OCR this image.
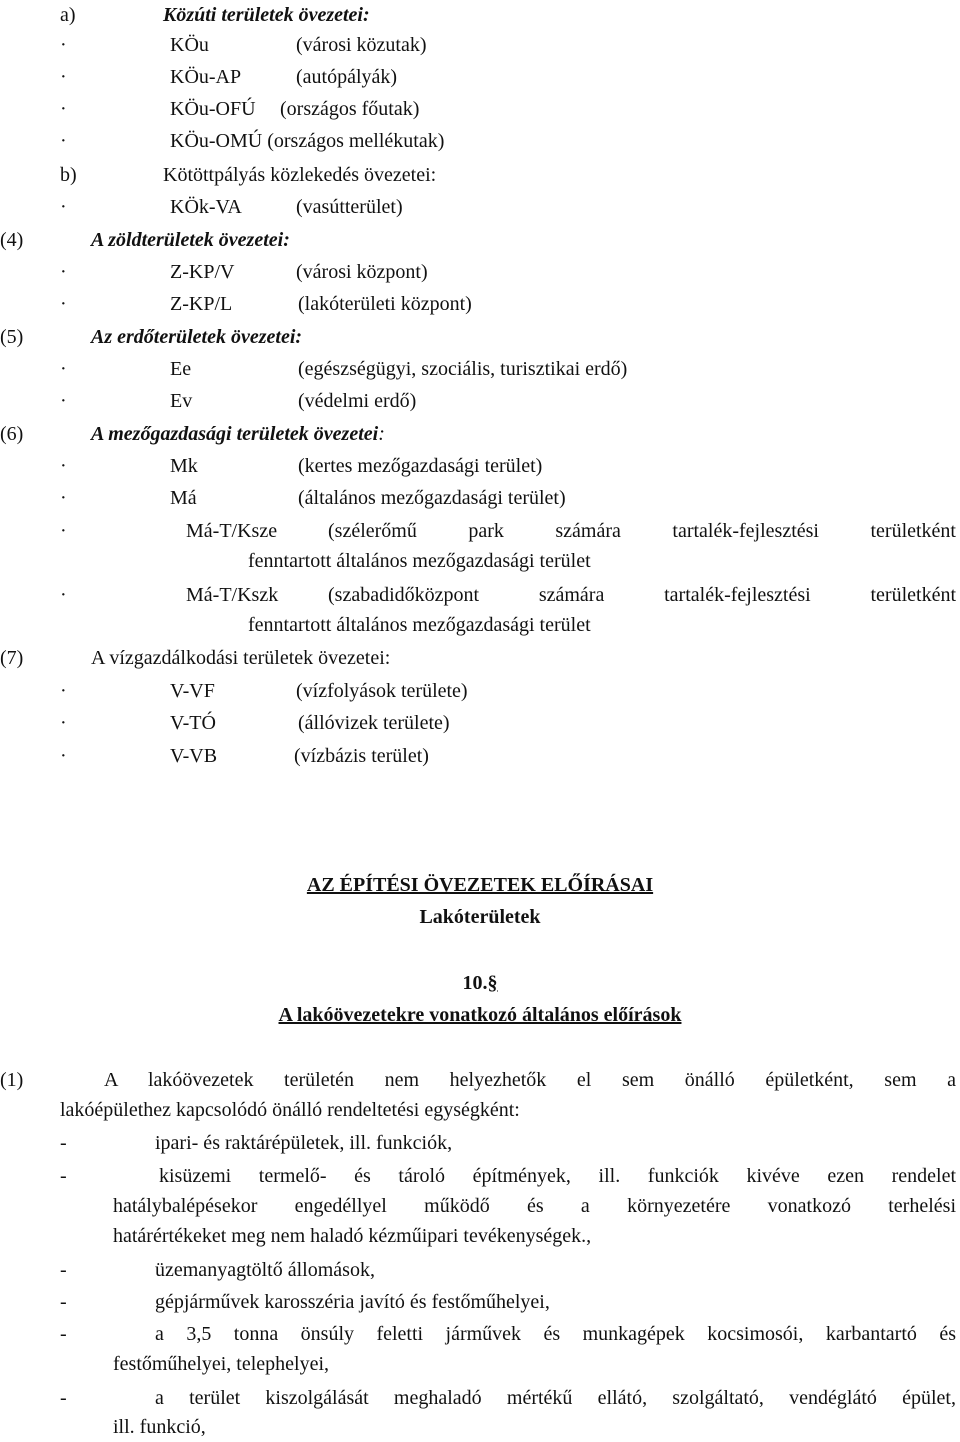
a)	Közúti területek övezetei:
·	KÖu	(városi közutak)
·	KÖu-AP	(autópályák)
·	KÖu-OFÚ (országos főutak)
·	KÖu-OMÚ (országos mellékutak)
b)	Kötöttpályás közlekedés övezetei:
·	KÖk-VA	(vasútterület)
(4)	A zöldterületek övezetei:
·	Z-KP/V	(városi központ)
·	Z-KP/L	(lakóterületi központ)
(5)	Az erdőterületek övezetei:
·	Ee	(egészségügyi, szociális, turisztikai erdő)
·	Ev	(védelmi erdő)
(6)	A mezőgazdasági területek övezetei:
·	Mk	(kertes mezőgazdasági terület)
·	Má	(általános mezőgazdasági terület)
·	Má-T/Ksze	(szélerőmű park számára tartalék-fejlesztési területként
fenntartott általános mezőgazdasági terület
·	Má-T/Kszk (szabadidőközpont számára tartalék-fejlesztési területként
fenntartott általános mezőgazdasági terület
(7)	A vízgazdálkodási területek övezetei:
·	V-VF	(vízfolyások területe)
·	V-TÓ	(állóvizek területe)
·	V-VB	(vízbázis terület)
AZ ÉPÍTÉSI ÖVEZETEK ELŐÍRÁSAI
Lakóterületek
10.§
A lakóövezetekre vonatkozó általános előírások
(1)	A lakóövezetek területén nem helyezhetők el sem önálló épületként, sem a
lakóépülethez kapcsolódó önálló rendeltetési egységként:
-	ipari- és raktárépületek, ill. funkciók,
-	kisüzemi termelő- és tároló építmények, ill. funkciók kivéve ezen rendelet
hatálybalépésekor engedéllyel működő és a környezetére vonatkozó terhelési
határértékeket meg nem haladó kézműipari tevékenységek.,
-	üzemanyagtöltő állomások,
-	gépjárművek karosszéria javító és festőműhelyei,
-	a 3,5 tonna önsúly feletti járművek és munkagépek kocsimosói, karbantartó és
festőműhelyei, telephelyei,
-	a terület kiszolgálását meghaladó mértékű ellátó, szolgáltató, vendéglátó épület,
ill. funkció,
